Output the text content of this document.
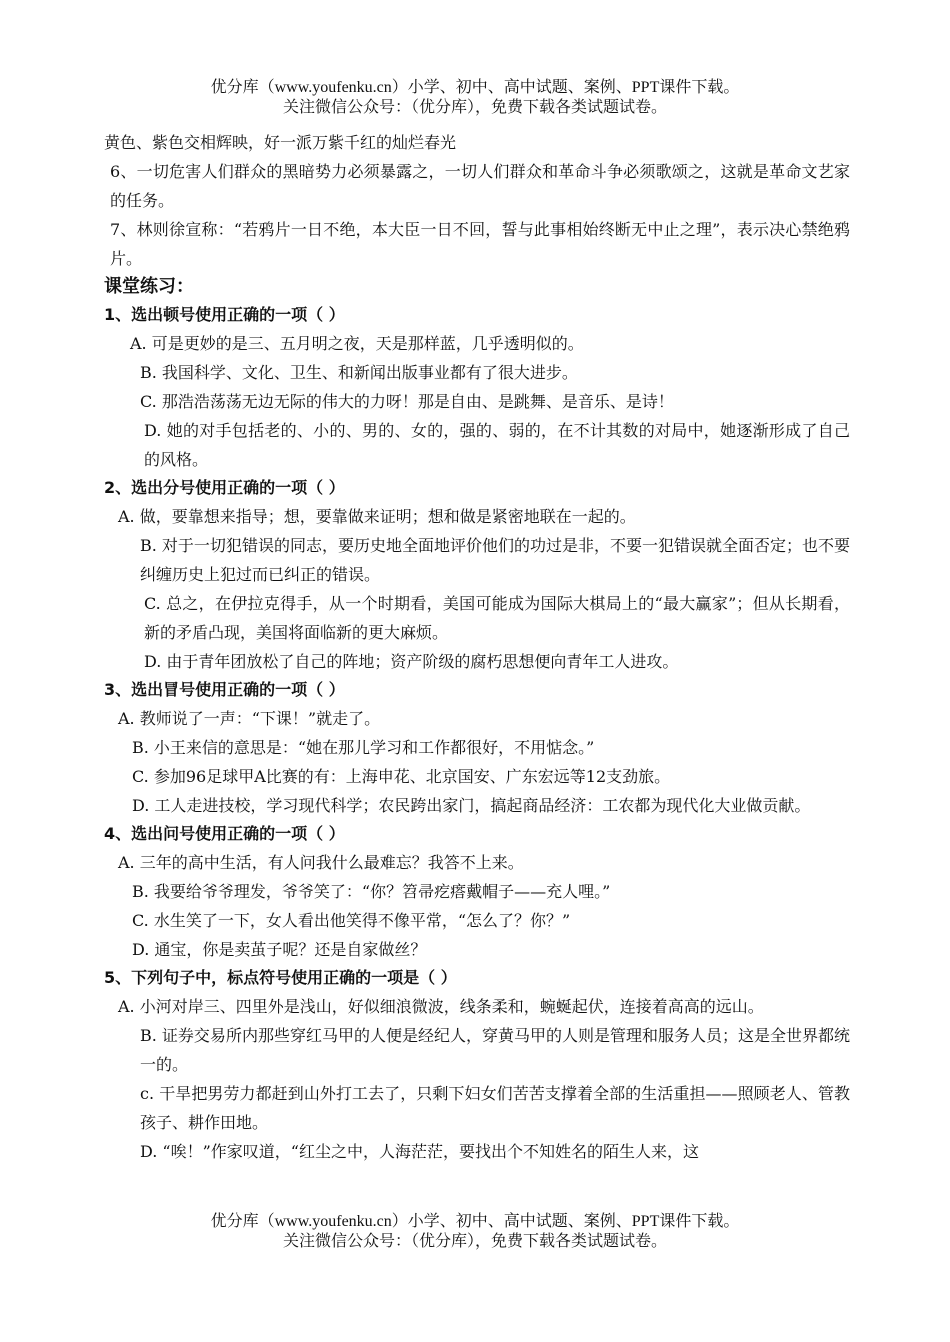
优分库（www.youfenku.cn）小学、初中、高中试题、案例、PPT课件下载。
关注微信公众号：（优分库），免费下载各类试题试卷。

黄色、紫色交相辉映，好一派万紫千红的灿烂春光

6、一切危害人们群众的黑暗势力必须暴露之，一切人们群众和革命斗争必须歌颂之，这就是革命文艺家的任务。

7、林则徐宣称：“若鸦片一日不绝，本大臣一日不回，誓与此事相始终断无中止之理”，表示决心禁绝鸦片。

课堂练习：

1、选出顿号使用正确的一项（ ）

A. 可是更妙的是三、五月明之夜，天是那样蓝，几乎透明似的。

B. 我国科学、文化、卫生、和新闻出版事业都有了很大进步。

C. 那浩浩荡荡无边无际的伟大的力呀！那是自由、是跳舞、是音乐、是诗！

D. 她的对手包括老的、小的、男的、女的，强的、弱的，在不计其数的对局中，她逐渐形成了自己的风格。

2、选出分号使用正确的一项（ ）

A. 做，要靠想来指导；想，要靠做来证明；想和做是紧密地联在一起的。

B. 对于一切犯错误的同志，要历史地全面地评价他们的功过是非，不要一犯错误就全面否定；也不要纠缠历史上犯过而已纠正的错误。

C. 总之，在伊拉克得手，从一个时期看，美国可能成为国际大棋局上的“最大赢家”；但从长期看，新的矛盾凸现，美国将面临新的更大麻烦。

D. 由于青年团放松了自己的阵地；资产阶级的腐朽思想便向青年工人进攻。

3、选出冒号使用正确的一项（ ）

A. 教师说了一声：“下课！”就走了。

B. 小王来信的意思是：“她在那儿学习和工作都很好，不用惦念。”

C. 参加96足球甲A比赛的有：上海申花、北京国安、广东宏远等12支劲旅。

D. 工人走进技校，学习现代科学；农民跨出家门，搞起商品经济：工农都为现代化大业做贡献。

4、选出问号使用正确的一项（ ）

A. 三年的高中生活，有人问我什么最难忘？我答不上来。

B. 我要给爷爷理发，爷爷笑了：“你？笤帚疙瘩戴帽子——充人哩。”

C. 水生笑了一下，女人看出他笑得不像平常，“怎么了？你？”

D. 通宝，你是卖茧子呢？还是自家做丝？

5、下列句子中，标点符号使用正确的一项是（ ）

A. 小河对岸三、四里外是浅山，好似细浪微波，线条柔和，蜿蜒起伏，连接着高高的远山。

B. 证券交易所内那些穿红马甲的人便是经纪人，穿黄马甲的人则是管理和服务人员；这是全世界都统一的。

c. 干旱把男劳力都赶到山外打工去了，只剩下妇女们苦苦支撑着全部的生活重担——照顾老人、管教孩子、耕作田地。

D. “唉！”作家叹道，“红尘之中，人海茫茫，要找出个不知姓名的陌生人来，这

优分库（www.youfenku.cn）小学、初中、高中试题、案例、PPT课件下载。
关注微信公众号：（优分库），免费下载各类试题试卷。
